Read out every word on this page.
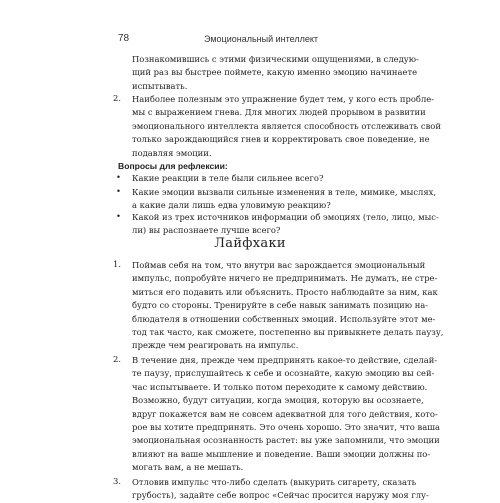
78	Эмоциональный интеллект
Познакомившись с этими физическими ощущениями, в следую-
щий раз вы быстрее поймете, какую именно эмоцию начинаете
испытывать.
2. Наиболее полезным это упражнение будет тем, у кого есть пробле-
мы с выражением гнева. Для многих людей прорывом в развитии
эмоционального интеллекта является способность отслеживать свой
только зарождающийся гнев и корректировать свое поведение, не
подавляя эмоции.
Вопросы для рефлексии:
• Какие реакции в теле были сильнее всего?
• Какие эмоции вызвали сильные изменения в теле, мимике, мыслях,
а какие дали лишь едва уловимую реакцию?
• Какой из трех источников информации об эмоциях (тело, лицо, мыс-
ли) вы распознаете лучше всего?
Лайфхаки
1. Поймав себя на том, что внутри вас зарождается эмоциональный
импульс, попробуйте ничего не предпринимать. Не думать, не стре-
миться его подавить или объяснить. Просто наблюдайте за ним, как
будто со стороны. Тренируйте в себе навык занимать позицию на-
блюдателя в отношении собственных эмоций. Используйте этот ме-
тод так часто, как сможете, постепенно вы привыкнете делать паузу,
прежде чем реагировать на импульс.
2. В течение дня, прежде чем предпринять какое-то действие, сделай-
те паузу, прислушайтесь к себе и осознайте, какую эмоцию вы сей-
час испытываете. И только потом переходите к самому действию.
Возможно, будут ситуации, когда эмоция, которую вы осознаете,
вдруг покажется вам не совсем адекватной для того действия, кото-
рое вы хотите предпринять. Это очень хорошо. Это значит, что ваша
эмоциональная осознанность растет: вы уже запомнили, что эмоции
влияют на ваше мышление и поведение. Ваши эмоции должны по-
могать вам, а не мешать.
3. Отловив импульс что-либо сделать (выкурить сигарету, сказать
грубость), задайте себе вопрос «Сейчас просится наружу моя глу-
